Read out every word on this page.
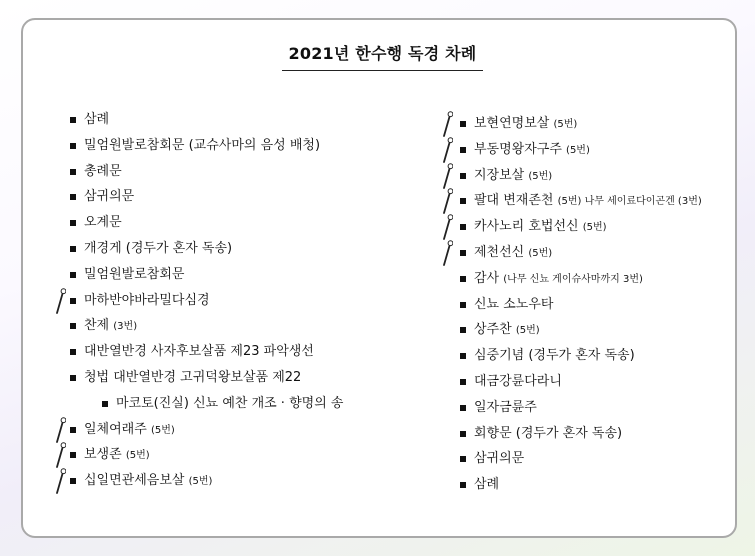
2021년 한수행 독경 차례
삼례
밀엄원발로참회문 (교슈사마의 음성 배청)
총례문
삼귀의문
오계문
개경게 (경두가 혼자 독송)
밀엄원발로참회문
마하반야바라밀다심경
찬제 (3번)
대반열반경 사자후보살품 제23 파악생선
청법 대반열반경 고귀덕왕보살품 제22
마코토(진실) 신뇨 예찬 개조 · 향명의 송
일체여래주 (5번)
보생존 (5번)
십일면관세음보살 (5번)
보현연명보살 (5번)
부동명왕자구주 (5번)
지장보살 (5번)
팔대 변재존천 (5번) 나무 세이료다이곤겐 (3번)
카사노리 호법선신 (5번)
제천선신 (5번)
감사 (나무 신뇨 게이슈사마까지 3번)
신뇨 소노우타
상주찬 (5번)
심중기념 (경두가 혼자 독송)
대금강륜다라니
일자금륜주
회향문 (경두가 혼자 독송)
삼귀의문
삼례
